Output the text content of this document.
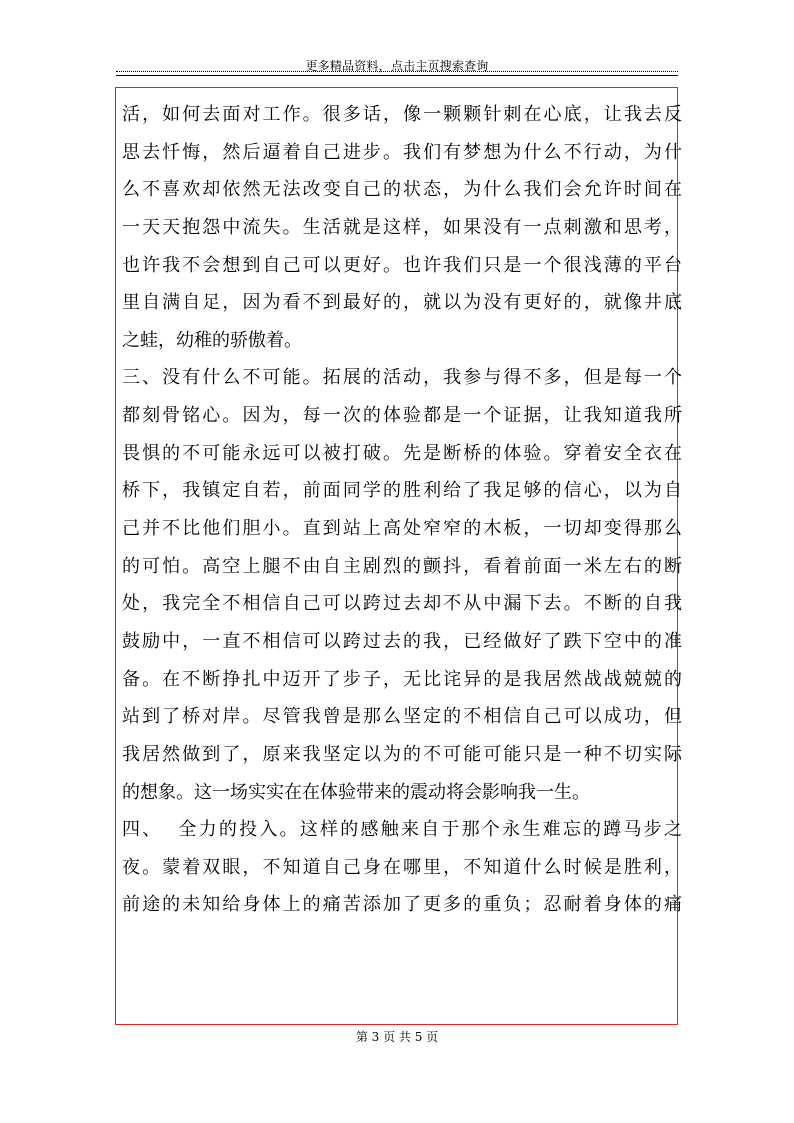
更多精品资料，点击主页搜索查询
活，如何去面对工作。很多话，像一颗颗针刺在心底，让我去反
思去忏悔，然后逼着自己进步。我们有梦想为什么不行动，为什
么不喜欢却依然无法改变自己的状态，为什么我们会允许时间在
一天天抱怨中流失。生活就是这样，如果没有一点刺激和思考，
也许我不会想到自己可以更好。也许我们只是一个很浅薄的平台
里自满自足，因为看不到最好的，就以为没有更好的，就像井底
之蛙，幼稚的骄傲着。
三、没有什么不可能。拓展的活动，我参与得不多，但是每一个
都刻骨铭心。因为，每一次的体验都是一个证据，让我知道我所
畏惧的不可能永远可以被打破。先是断桥的体验。穿着安全衣在
桥下，我镇定自若，前面同学的胜利给了我足够的信心，以为自
己并不比他们胆小。直到站上高处窄窄的木板，一切却变得那么
的可怕。高空上腿不由自主剧烈的颤抖，看着前面一米左右的断
处，我完全不相信自己可以跨过去却不从中漏下去。不断的自我
鼓励中，一直不相信可以跨过去的我，已经做好了跌下空中的准
备。在不断挣扎中迈开了步子，无比诧异的是我居然战战兢兢的
站到了桥对岸。尽管我曾是那么坚定的不相信自己可以成功，但
我居然做到了，原来我坚定以为的不可能可能只是一种不切实际
的想象。这一场实实在在体验带来的震动将会影响我一生。
四、  全力的投入。这样的感触来自于那个永生难忘的蹲马步之
夜。蒙着双眼，不知道自己身在哪里，不知道什么时候是胜利，
前途的未知给身体上的痛苦添加了更多的重负；忍耐着身体的痛
第 3 页 共 5 页
